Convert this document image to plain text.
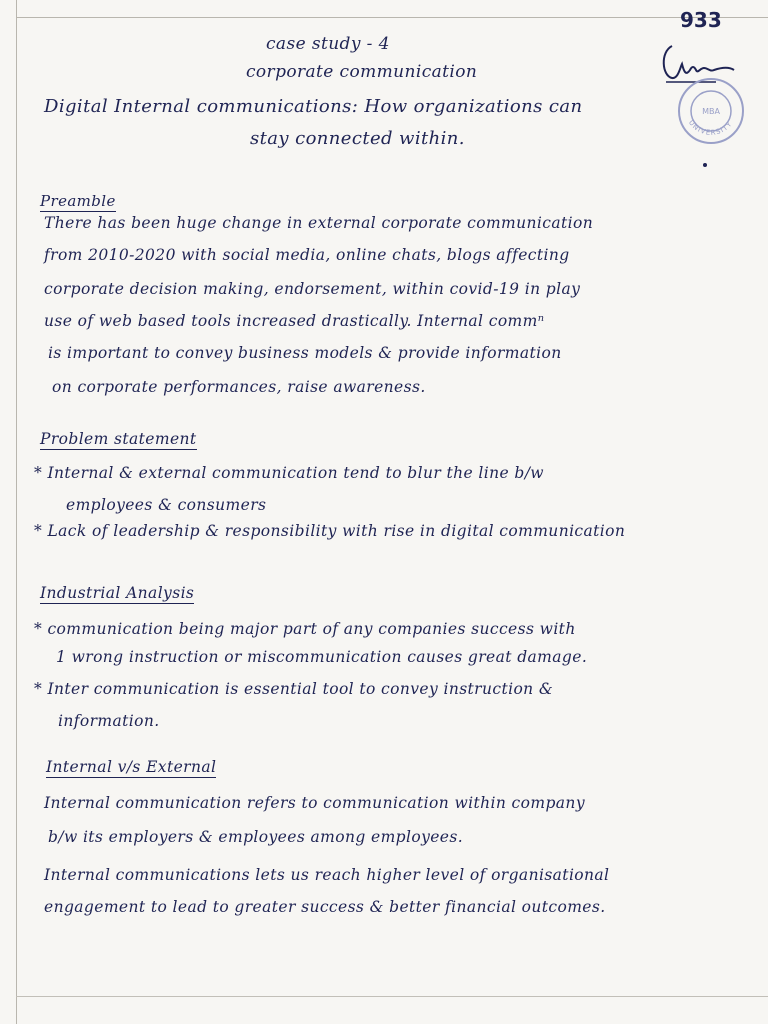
933
UNIVERSITY
MBA
case study - 4
corporate communication
Digital Internal communications: How organizations can
stay connected within.
Preamble
There has been huge change in external corporate communication
from 2010-2020 with social media, online chats, blogs affecting
corporate decision making, endorsement, within covid-19 in play
use of web based tools increased drastically. Internal commⁿ
is important to convey business models & provide information
on corporate performances, raise awareness.
Problem statement
* Internal & external communication tend to blur the line b/w
employees & consumers
* Lack of leadership & responsibility with rise in digital communication
Industrial Analysis
* communication being major part of any companies success with
1 wrong instruction or miscommunication causes great damage.
* Inter communication is essential tool to convey instruction &
information.
Internal v/s External
Internal communication refers to communication within company
b/w its employers & employees among employees.
Internal communications lets us reach higher level of organisational
engagement to lead to greater success & better financial outcomes.
